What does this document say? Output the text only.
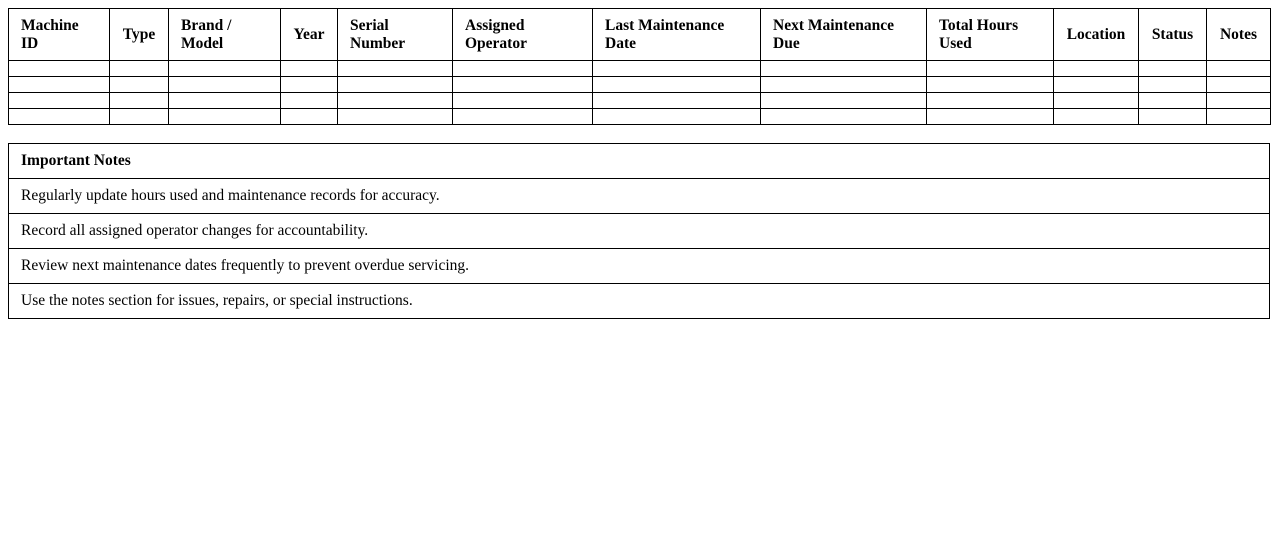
Machine ID	Type	Brand / Model	Year	Serial Number	Assigned Operator	Last Maintenance Date	Next Maintenance Due	Total Hours Used	Location	Status	Notes

Important Notes
Regularly update hours used and maintenance records for accuracy.
Record all assigned operator changes for accountability.
Review next maintenance dates frequently to prevent overdue servicing.
Use the notes section for issues, repairs, or special instructions.
